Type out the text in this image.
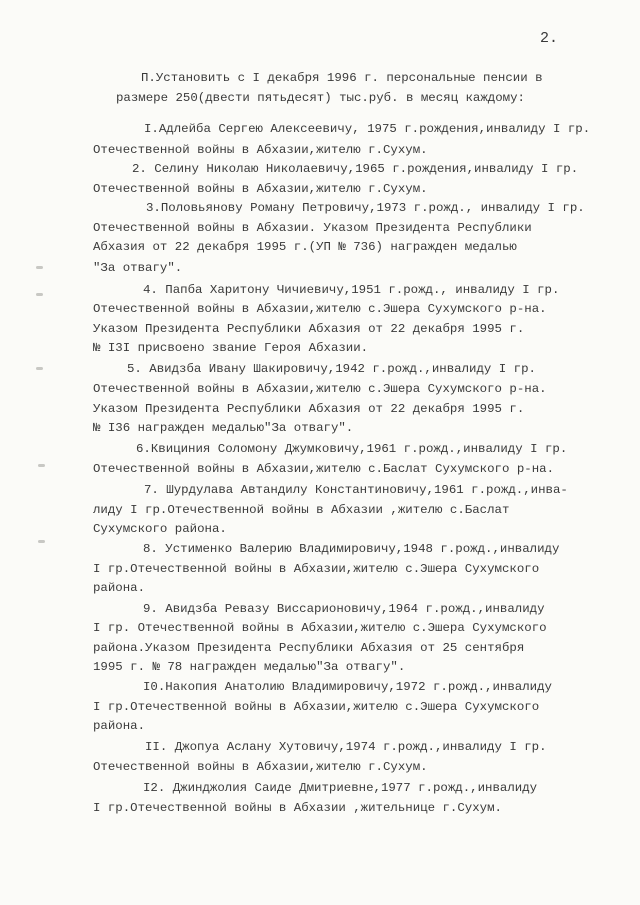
2.
П.Установить с I декабря 1996 г. персональные пенсии в
размере 250(двести пятьдесят) тыс.руб. в месяц каждому:
I.Адлейба Сергею Алексеевичу, 1975 г.рождения,инвалиду I гр.
Отечественной войны в Абхазии,жителю г.Сухум.
2. Селину Николаю Николаевичу,1965 г.рождения,инвалиду I гр.
Отечественной войны в Абхазии,жителю г.Сухум.
3.Половьянову Роману Петровичу,1973 г.рожд., инвалиду I гр.
Отечественной войны в Абхазии. Указом Президента Республики
Абхазия от 22 декабря 1995 г.(УП № 736) награжден медалью
"За отвагу".
4. Папба Харитону Чичиевичу,1951 г.рожд., инвалиду I гр.
Отечественной войны в Абхазии,жителю с.Эшера Сухумского р-на.
Указом Президента Республики Абхазия от 22 декабря 1995 г.
№ I3I присвоено звание Героя Абхазии.
5. Авидзба Ивану Шакировичу,1942 г.рожд.,инвалиду I гр.
Отечественной войны в Абхазии,жителю с.Эшера Сухумского р-на.
Указом Президента Республики Абхазия от 22 декабря 1995 г.
№ I36 награжден медалью"За отвагу".
6.Квициния Соломону Джумковичу,1961 г.рожд.,инвалиду I гр.
Отечественной войны в Абхазии,жителю с.Баслат Сухумского р-на.
7. Шурдулава Автандилу Константиновичу,1961 г.рожд.,инва-
лиду I гр.Отечественной войны в Абхазии ,жителю с.Баслат
Сухумского района.
8. Устименко Валерию Владимировичу,1948 г.рожд.,инвалиду
I гр.Отечественной войны в Абхазии,жителю с.Эшера Сухумского
района.
9. Авидзба Ревазу Виссарионовичу,1964 г.рожд.,инвалиду
I гр. Отечественной войны в Абхазии,жителю с.Эшера Сухумского
района.Указом Президента Республики Абхазия от 25 сентября
1995 г. № 78 награжден медалью"За отвагу".
I0.Накопия Анатолию Владимировичу,1972 г.рожд.,инвалиду
I гр.Отечественной войны в Абхазии,жителю с.Эшера Сухумского
района.
II. Джопуа Аслану Хутовичу,1974 г.рожд.,инвалиду I гр.
Отечественной войны в Абхазии,жителю г.Сухум.
I2. Джинджолия Саиде Дмитриевне,1977 г.рожд.,инвалиду
I гр.Отечественной войны в Абхазии ,жительнице г.Сухум.
